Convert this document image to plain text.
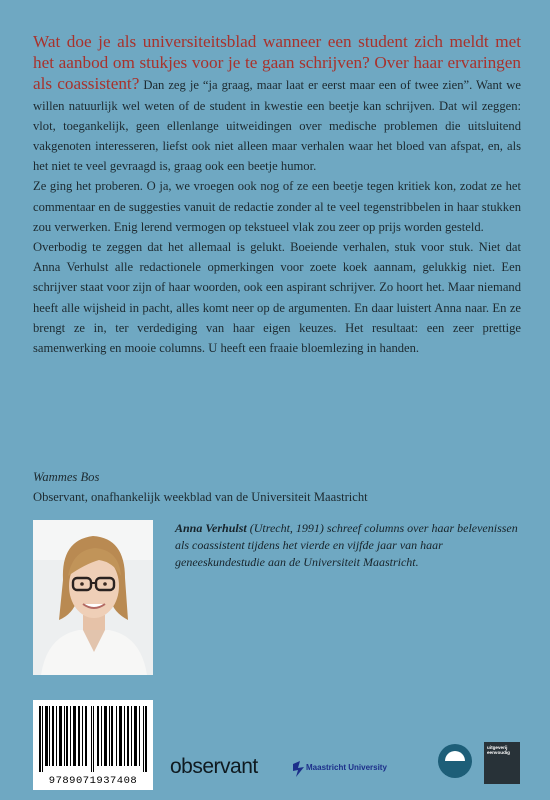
Wat doe je als universiteitsblad wanneer een student zich meldt met het aanbod om stukjes voor je te gaan schrijven? Over haar ervaringen als coassistent? Dan zeg je “ja graag, maar laat er eerst maar een of twee zien”. Want we willen natuurlijk wel weten of de student in kwestie een beetje kan schrijven. Dat wil zeggen: vlot, toegankelijk, geen ellenlange uitweidingen over medische problemen die uitsluitend vakgenoten interesseren, liefst ook niet alleen maar verhalen waar het bloed van afspat, en, als het niet te veel gevraagd is, graag ook een beetje humor.

Ze ging het proberen. O ja, we vroegen ook nog of ze een beetje tegen kritiek kon, zodat ze het commentaar en de suggesties vanuit de redactie zonder al te veel tegenstribbelen in haar stukken zou verwerken. Enig lerend vermogen op tekstueel vlak zou zeer op prijs worden gesteld.

Overbodig te zeggen dat het allemaal is gelukt. Boeiende verhalen, stuk voor stuk. Niet dat Anna Verhulst alle redactionele opmerkingen voor zoete koek aannam, gelukkig niet. Een schrijver staat voor zijn of haar woorden, ook een aspirant schrijver. Zo hoort het. Maar niemand heeft alle wijsheid in pacht, alles komt neer op de argumenten. En daar luistert Anna naar. En ze brengt ze in, ter verdediging van haar eigen keuzes. Het resultaat: een zeer prettige samenwerking en mooie columns. U heeft een fraaie bloemlezing in handen.

Wammes Bos
Observant, onafhankelijk weekblad van de Universiteit Maastricht
Anna Verhulst (Utrecht, 1991) schreef columns over haar belevenissen als coassistent tijdens het vierde en vijfde jaar van haar geneeskundestudie aan de Universiteit Maastricht.
9789071937408
observant	Maastricht University
uitgeverij eenvoudig
